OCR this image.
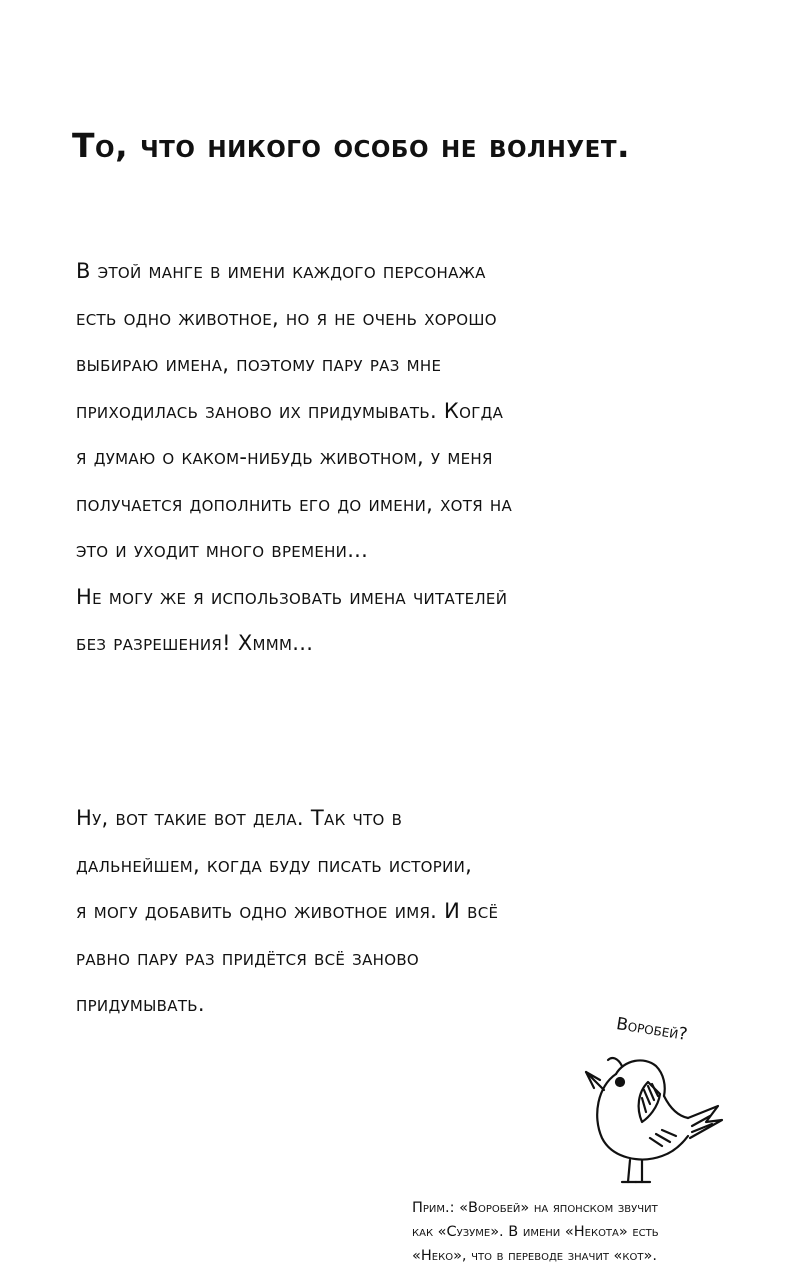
То, что никого особо не волнует.
В этой манге в имени каждого персонажа
есть одно животное, но я не очень хорошо
выбираю имена, поэтому пару раз мне
приходилась заново их придумывать. Когда
я думаю о каком-нибудь животном, у меня
получается дополнить его до имени, хотя на
это и уходит много времени...
Не могу же я использовать имена читателей
без разрешения! Хммм...
Ну, вот такие вот дела. Так что в
дальнейшем, когда буду писать истории,
я могу добавить одно животное имя. И всё
равно пару раз придётся всё заново
придумывать.
Воробей?
Прим.: «Воробей» на японском звучит
как «Сузуме». В имени «Некота» есть
«Неко», что в переводе значит «кот».
